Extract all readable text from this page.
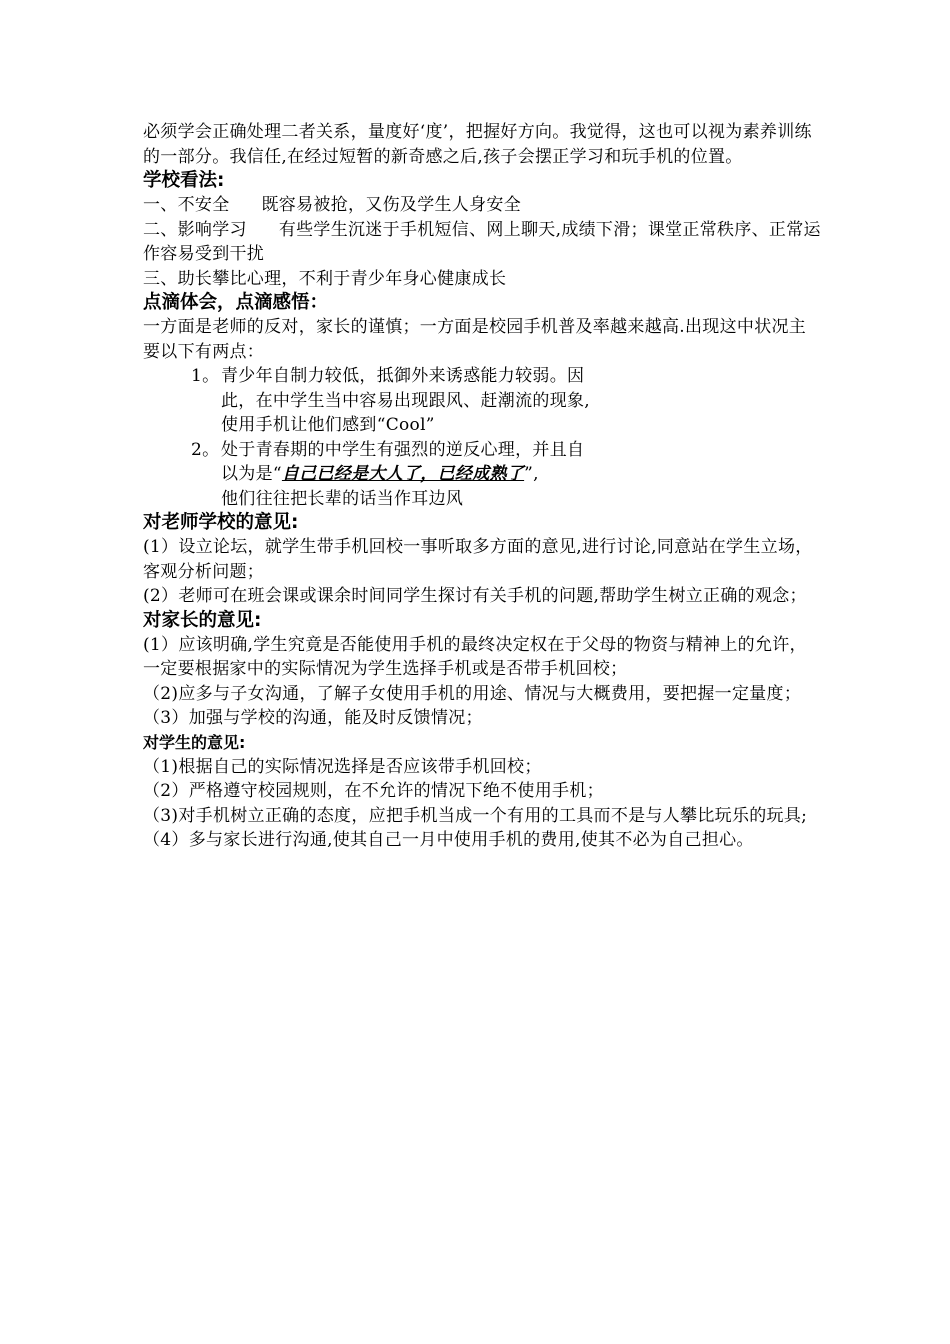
必须学会正确处理二者关系，量度好‘度’，把握好方向。我觉得，这也可以视为素养训练的一部分。我信任,在经过短暂的新奇感之后,孩子会摆正学习和玩手机的位置。

学校看法:

一、不安全 既容易被抢，又伤及学生人身安全

二、影响学习 有些学生沉迷于手机短信、网上聊天,成绩下滑；课堂正常秩序、正常运作容易受到干扰

三、助长攀比心理，不利于青少年身心健康成长

点滴体会，点滴感悟：

一方面是老师的反对，家长的谨慎；一方面是校园手机普及率越来越高.出现这中状况主要以下有两点：

1。 青少年自制力较低，抵御外来诱惑能力较弱。因
此，在中学生当中容易出现跟风、赶潮流的现象,
使用手机让他们感到“Cool”
2。 处于青春期的中学生有强烈的逆反心理，并且自
以为是“自己已经是大人了，已经成熟了”,
他们往往把长辈的话当作耳边风

对老师学校的意见:

(1）设立论坛，就学生带手机回校一事听取多方面的意见,进行讨论,同意站在学生立场，客观分析问题；

(2）老师可在班会课或课余时间同学生探讨有关手机的问题,帮助学生树立正确的观念；

对家长的意见:

(1）应该明确,学生究竟是否能使用手机的最终决定权在于父母的物资与精神上的允许，一定要根据家中的实际情况为学生选择手机或是否带手机回校；

（2)应多与子女沟通，了解子女使用手机的用途、情况与大概费用，要把握一定量度；

（3）加强与学校的沟通，能及时反馈情况；

对学生的意见:

（1)根据自己的实际情况选择是否应该带手机回校；

（2）严格遵守校园规则，在不允许的情况下绝不使用手机；

（3)对手机树立正确的态度，应把手机当成一个有用的工具而不是与人攀比玩乐的玩具;

（4）多与家长进行沟通,使其自己一月中使用手机的费用,使其不必为自己担心。
